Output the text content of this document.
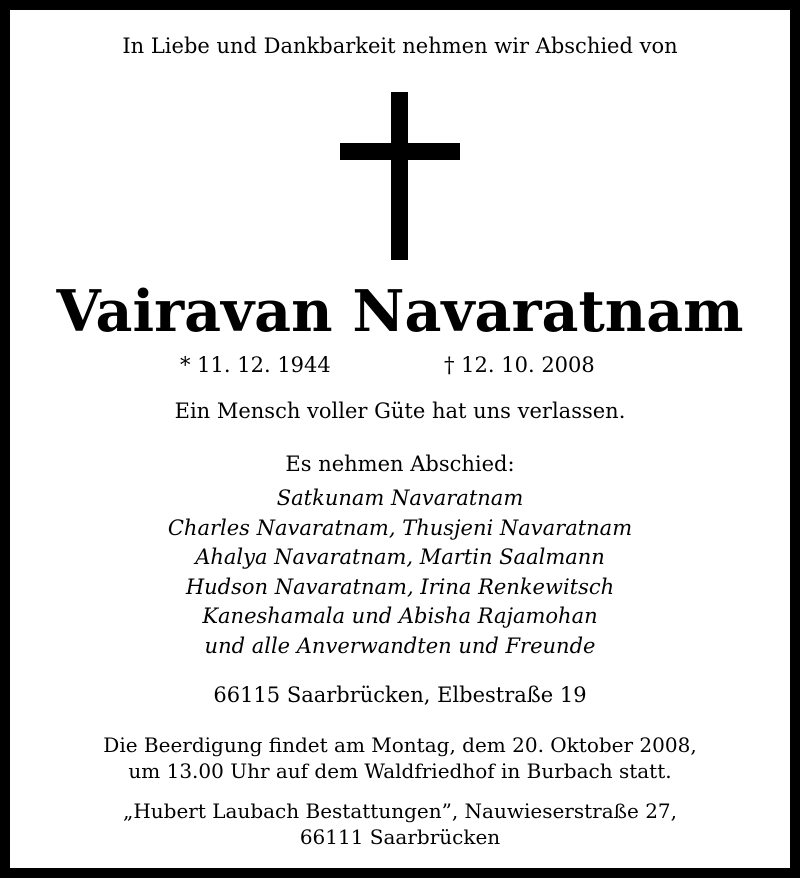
In Liebe und Dankbarkeit nehmen wir Abschied von
Vairavan Navaratnam
* 11. 12. 1944	† 12. 10. 2008
Ein Mensch voller Güte hat uns verlassen.
Es nehmen Abschied:
Satkunam Navaratnam
Charles Navaratnam, Thusjeni Navaratnam
Ahalya Navaratnam, Martin Saalmann
Hudson Navaratnam, Irina Renkewitsch
Kaneshamala und Abisha Rajamohan
und alle Anverwandten und Freunde
66115 Saarbrücken, Elbestraße 19
Die Beerdigung findet am Montag, dem 20. Oktober 2008,
um 13.00 Uhr auf dem Waldfriedhof in Burbach statt.
„Hubert Laubach Bestattungen”, Nauwieserstraße 27,
66111 Saarbrücken
